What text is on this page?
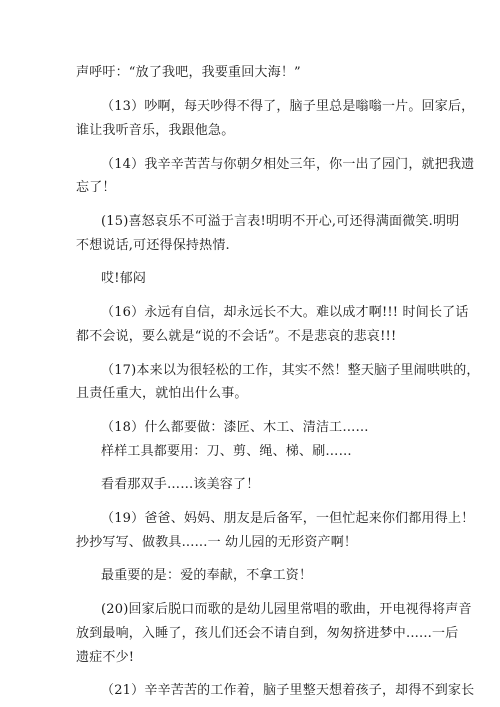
声呼吁：“放了我吧，我要重回大海！”
（13）吵啊，每天吵得不得了，脑子里总是嗡嗡一片。回家后，
谁让我听音乐，我跟他急。
（14）我辛辛苦苦与你朝夕相处三年，你一出了园门，就把我遗
忘了！
(15)喜怒哀乐不可溢于言表!明明不开心,可还得满面微笑.明明
不想说话,可还得保持热情.
哎!郁闷
（16）永远有自信，却永远长不大。难以成才啊!!! 时间长了话
都不会说，要么就是“说的不会话”。不是悲哀的悲哀!!!
（17)本来以为很轻松的工作，其实不然！整天脑子里闹哄哄的，
且责任重大，就怕出什么事。
（18）什么都要做：漆匠、木工、清洁工……
样样工具都要用：刀、剪、绳、梯、刷……
看看那双手……该美容了！
（19）爸爸、妈妈、朋友是后备军，一但忙起来你们都用得上！
抄抄写写、做教具......一 幼儿园的无形资产啊！
最重要的是：爱的奉献，不拿工资！
(20)回家后脱口而歌的是幼儿园里常唱的歌曲，开电视得将声音
放到最响，入睡了，孩儿们还会不请自到，匆匆挤进梦中......一后
遗症不少!
（21）辛辛苦苦的工作着，脑子里整天想着孩子，却得不到家长
